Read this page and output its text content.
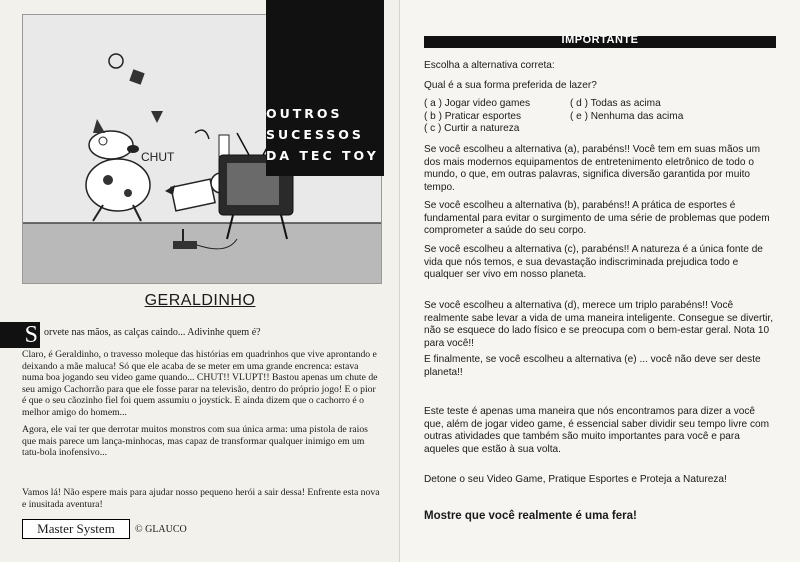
CHUT
OUTROS
SUCESSOS
DA TEC TOY
GERALDINHO
S orvete nas mãos, as calças caindo... Adivinhe quem é?
Claro, é Geraldinho, o travesso moleque das histórias em quadrinhos que vive aprontando e deixando a mãe maluca! Só que ele acaba de se meter em uma grande encrenca: estava numa boa jogando seu video game quando... CHUT!! VLUPT!! Bastou apenas um chute de seu amigo Cachorrão para que ele fosse parar na televisão, dentro do próprio jogo! E o pior é que o seu cãozinho fiel foi quem assumiu o joystick. E ainda dizem que o cachorro é o melhor amigo do homem...
Agora, ele vai ter que derrotar muitos monstros com sua única arma: uma pistola de raios que mais parece um lança-minhocas, mas capaz de transformar qualquer inimigo em um tatu-bola inofensivo...
Vamos lá! Não espere mais para ajudar nosso pequeno herói a sair dessa! Enfrente esta nova e inusitada aventura!
Master System	© GLAUCO
IMPORTANTE
Escolha a alternativa correta:
Qual é a sua forma preferida de lazer?
( a ) Jogar video games
( b ) Praticar esportes
( c ) Curtir a natureza
( d ) Todas as acima
( e ) Nenhuma das acima
Se você escolheu a alternativa (a), parabéns!! Você tem em suas mãos um dos mais modernos equipamentos de entretenimento eletrônico de todo o mundo, o que, em outras palavras, significa diversão garantida por muito tempo.
Se você escolheu a alternativa (b), parabéns!! A prática de esportes é fundamental para evitar o surgimento de uma série de problemas que podem comprometer a saúde do seu corpo.
Se você escolheu a alternativa (c), parabéns!! A natureza é a única fonte de vida que nós temos, e sua devastação indiscriminada prejudica todo e qualquer ser vivo em nosso planeta.
Se você escolheu a alternativa (d), merece um triplo parabéns!! Você realmente sabe levar a vida de uma maneira inteligente. Consegue se divertir, não se esquece do lado físico e se preocupa com o bem-estar geral. Nota 10 para você!!
E finalmente, se você escolheu a alternativa (e) ... você não deve ser deste planeta!!
Este teste é apenas uma maneira que nós encontramos para dizer a você que, além de jogar video game, é essencial saber dividir seu tempo livre com outras atividades que também são muito importantes para você e para aqueles que estão à sua volta.
Detone o seu Video Game, Pratique Esportes e Proteja a Natureza!
Mostre que você realmente é uma fera!
